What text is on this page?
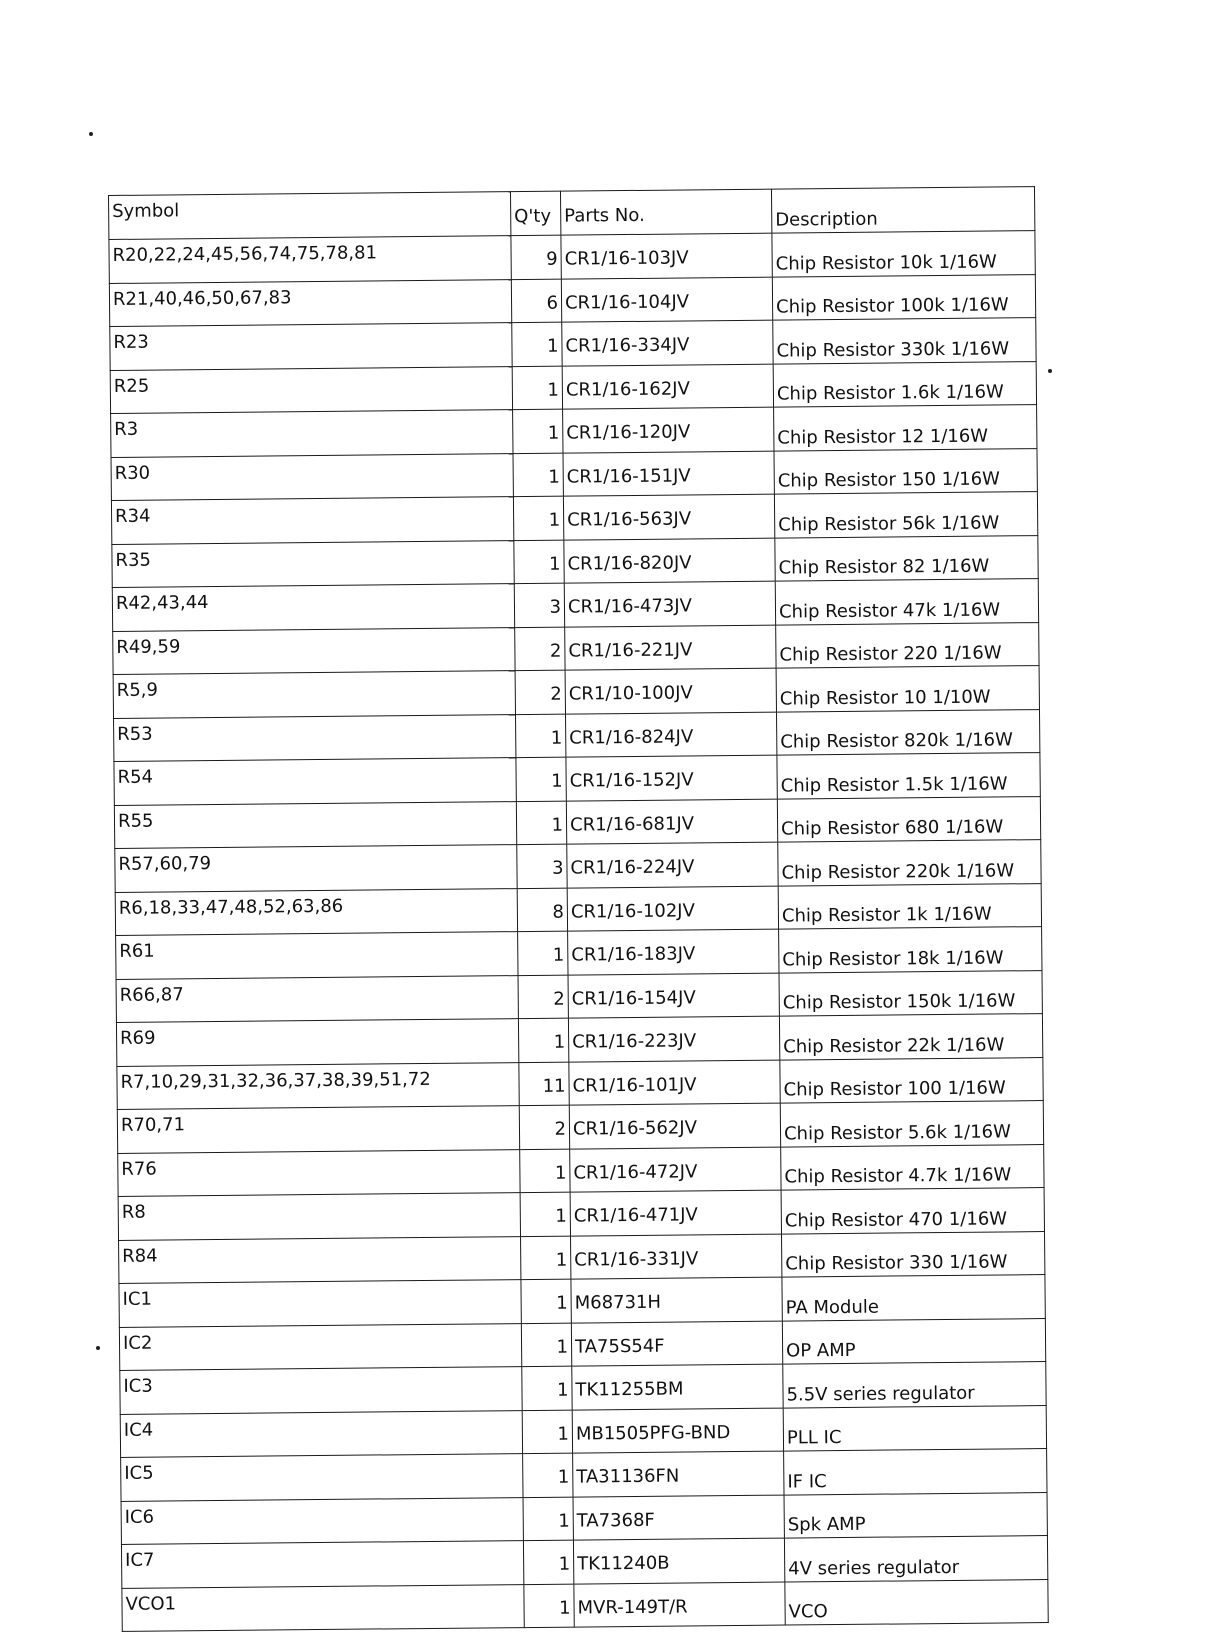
Symbol	Q'ty	Parts No.	Description
R20,22,24,45,56,74,75,78,81	9	CR1/16-103JV	Chip Resistor 10k 1/16W
R21,40,46,50,67,83	6	CR1/16-104JV	Chip Resistor 100k 1/16W
R23	1	CR1/16-334JV	Chip Resistor 330k 1/16W
R25	1	CR1/16-162JV	Chip Resistor 1.6k 1/16W
R3	1	CR1/16-120JV	Chip Resistor 12 1/16W
R30	1	CR1/16-151JV	Chip Resistor 150 1/16W
R34	1	CR1/16-563JV	Chip Resistor 56k 1/16W
R35	1	CR1/16-820JV	Chip Resistor 82 1/16W
R42,43,44	3	CR1/16-473JV	Chip Resistor 47k 1/16W
R49,59	2	CR1/16-221JV	Chip Resistor 220 1/16W
R5,9	2	CR1/10-100JV	Chip Resistor 10 1/10W
R53	1	CR1/16-824JV	Chip Resistor 820k 1/16W
R54	1	CR1/16-152JV	Chip Resistor 1.5k 1/16W
R55	1	CR1/16-681JV	Chip Resistor 680 1/16W
R57,60,79	3	CR1/16-224JV	Chip Resistor 220k 1/16W
R6,18,33,47,48,52,63,86	8	CR1/16-102JV	Chip Resistor 1k 1/16W
R61	1	CR1/16-183JV	Chip Resistor 18k 1/16W
R66,87	2	CR1/16-154JV	Chip Resistor 150k 1/16W
R69	1	CR1/16-223JV	Chip Resistor 22k 1/16W
R7,10,29,31,32,36,37,38,39,51,72	11	CR1/16-101JV	Chip Resistor 100 1/16W
R70,71	2	CR1/16-562JV	Chip Resistor 5.6k 1/16W
R76	1	CR1/16-472JV	Chip Resistor 4.7k 1/16W
R8	1	CR1/16-471JV	Chip Resistor 470 1/16W
R84	1	CR1/16-331JV	Chip Resistor 330 1/16W
IC1	1	M68731H	PA Module
IC2	1	TA75S54F	OP AMP
IC3	1	TK11255BM	5.5V series regulator
IC4	1	MB1505PFG-BND	PLL IC
IC5	1	TA31136FN	IF IC
IC6	1	TA7368F	Spk AMP
IC7	1	TK11240B	4V series regulator
VCO1	1	MVR-149T/R	VCO
